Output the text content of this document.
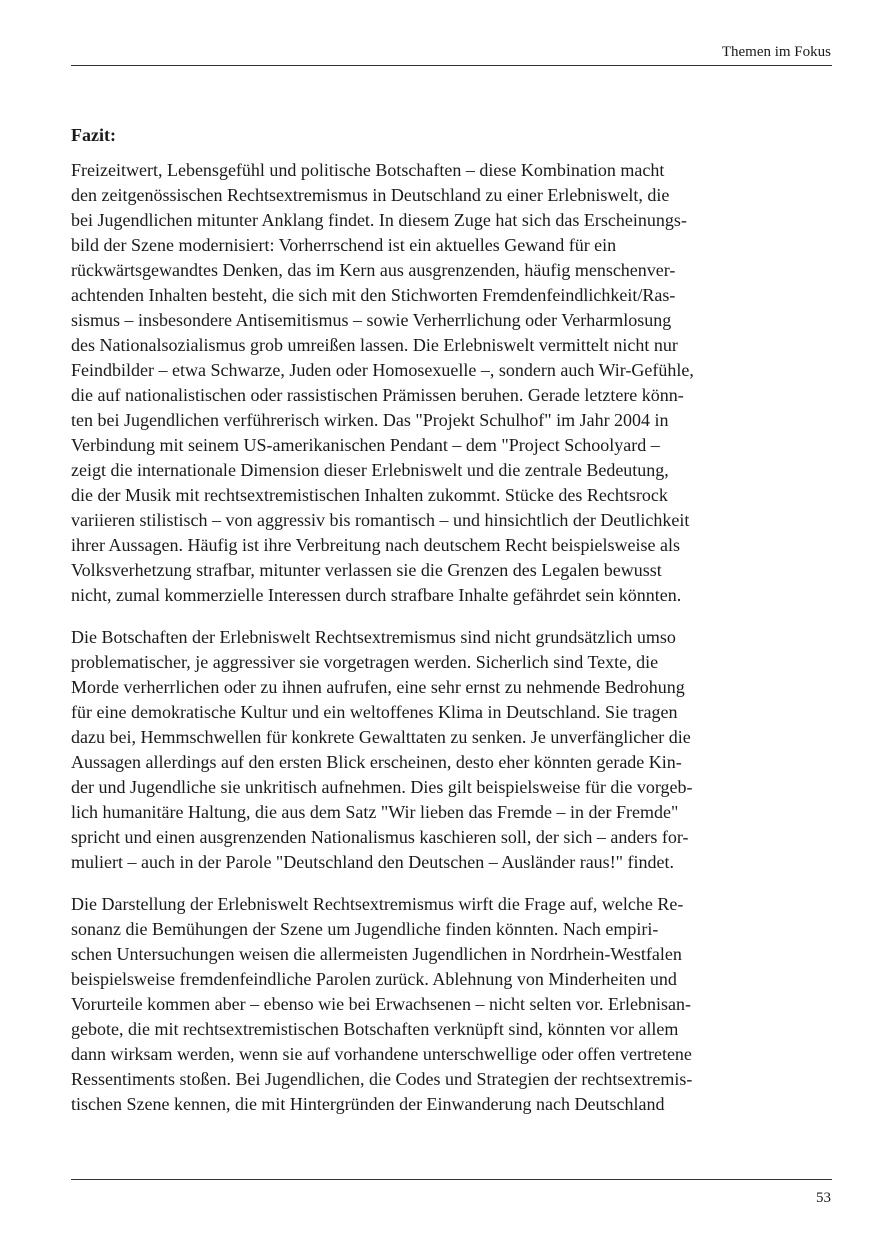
Themen im Fokus
Fazit:

Freizeitwert, Lebensgefühl und politische Botschaften – diese Kombination macht
den zeitgenössischen Rechtsextremismus in Deutschland zu einer Erlebniswelt, die
bei Jugendlichen mitunter Anklang findet. In diesem Zuge hat sich das Erscheinungs-
bild der Szene modernisiert: Vorherrschend ist ein aktuelles Gewand für ein
rückwärtsgewandtes Denken, das im Kern aus ausgrenzenden, häufig menschenver-
achtenden Inhalten besteht, die sich mit den Stichworten Fremdenfeindlichkeit/Ras-
sismus – insbesondere Antisemitismus – sowie Verherrlichung oder Verharmlosung
des Nationalsozialismus grob umreißen lassen. Die Erlebniswelt vermittelt nicht nur
Feindbilder – etwa Schwarze, Juden oder Homosexuelle –, sondern auch Wir-Gefühle,
die auf nationalistischen oder rassistischen Prämissen beruhen. Gerade letztere könn-
ten bei Jugendlichen verführerisch wirken. Das "Projekt Schulhof" im Jahr 2004 in
Verbindung mit seinem US-amerikanischen Pendant – dem "Project Schoolyard –
zeigt die internationale Dimension dieser Erlebniswelt und die zentrale Bedeutung,
die der Musik mit rechtsextremistischen Inhalten zukommt. Stücke des Rechtsrock
variieren stilistisch – von aggressiv bis romantisch – und hinsichtlich der Deutlichkeit
ihrer Aussagen. Häufig ist ihre Verbreitung nach deutschem Recht beispielsweise als
Volksverhetzung strafbar, mitunter verlassen sie die Grenzen des Legalen bewusst
nicht, zumal kommerzielle Interessen durch strafbare Inhalte gefährdet sein könnten.

Die Botschaften der Erlebniswelt Rechtsextremismus sind nicht grundsätzlich umso
problematischer, je aggressiver sie vorgetragen werden. Sicherlich sind Texte, die
Morde verherrlichen oder zu ihnen aufrufen, eine sehr ernst zu nehmende Bedrohung
für eine demokratische Kultur und ein weltoffenes Klima in Deutschland. Sie tragen
dazu bei, Hemmschwellen für konkrete Gewalttaten zu senken. Je unverfänglicher die
Aussagen allerdings auf den ersten Blick erscheinen, desto eher könnten gerade Kin-
der und Jugendliche sie unkritisch aufnehmen. Dies gilt beispielsweise für die vorgeb-
lich humanitäre Haltung, die aus dem Satz "Wir lieben das Fremde – in der Fremde"
spricht und einen ausgrenzenden Nationalismus kaschieren soll, der sich – anders for-
muliert – auch in der Parole "Deutschland den Deutschen – Ausländer raus!" findet.

Die Darstellung der Erlebniswelt Rechtsextremismus wirft die Frage auf, welche Re-
sonanz die Bemühungen der Szene um Jugendliche finden könnten. Nach empiri-
schen Untersuchungen weisen die allermeisten Jugendlichen in Nordrhein-Westfalen
beispielsweise fremdenfeindliche Parolen zurück. Ablehnung von Minderheiten und
Vorurteile kommen aber – ebenso wie bei Erwachsenen – nicht selten vor. Erlebnisan-
gebote, die mit rechtsextremistischen Botschaften verknüpft sind, könnten vor allem
dann wirksam werden, wenn sie auf vorhandene unterschwellige oder offen vertretene
Ressentiments stoßen. Bei Jugendlichen, die Codes und Strategien der rechtsextremis-
tischen Szene kennen, die mit Hintergründen der Einwanderung nach Deutschland

53
